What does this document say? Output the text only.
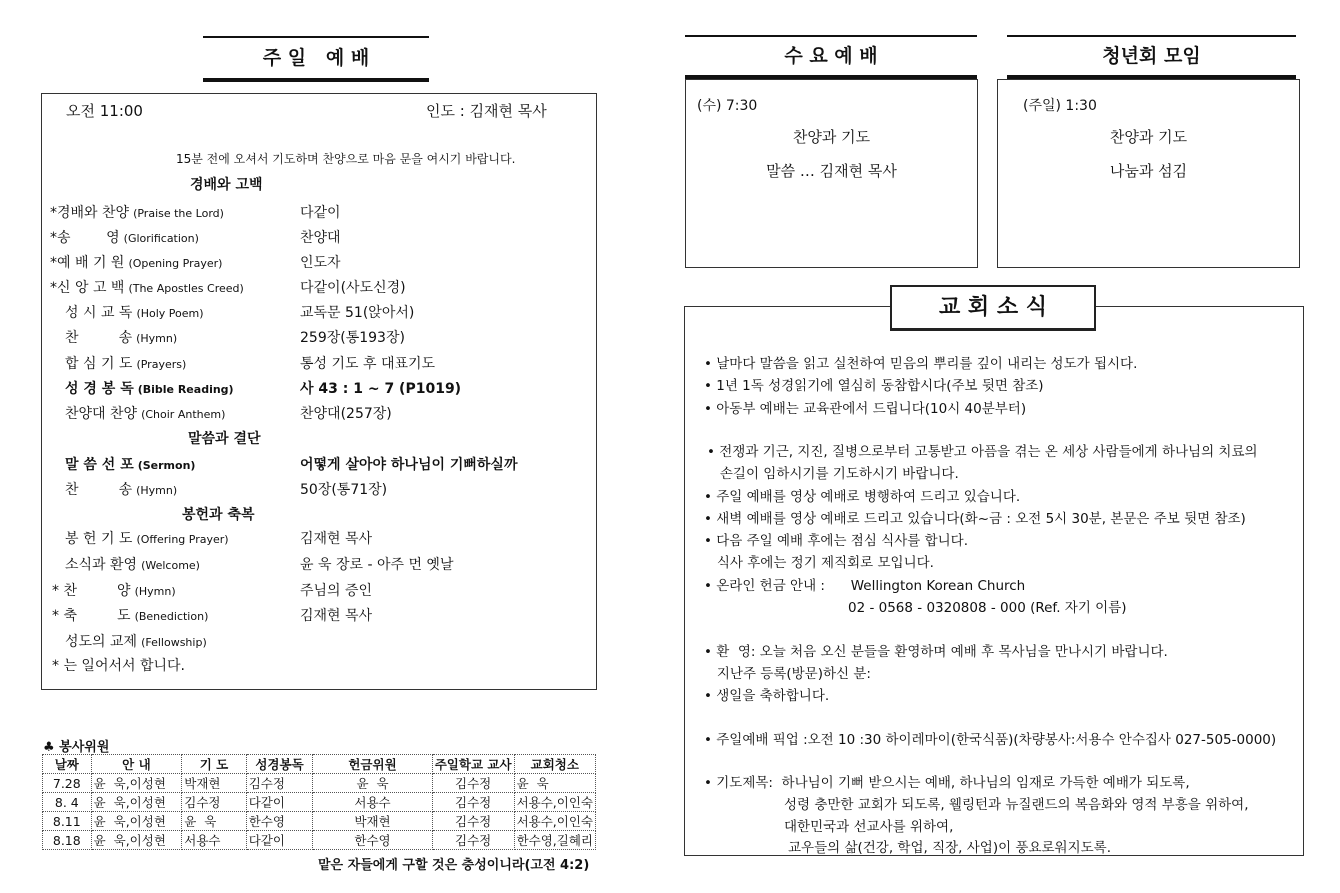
주 일   예 배
오전 11:00	인도 : 김재현 목사
15분 전에 오셔서 기도하며 찬양으로 마음 문을 여시기 바랍니다.
경배와 고백
말씀과 결단
봉헌과 축복
* 는 일어서서 합니다.
*경배와 찬양 (Praise the Lord)	다같이
*송        영 (Glorification)	찬양대
*예 배 기 원 (Opening Prayer)	인도자
*신 앙 고 백 (The Apostles Creed)	다같이(사도신경)
성 시 교 독 (Holy Poem)	교독문 51(앉아서)
찬         송 (Hymn)	259장(통193장)
합 심 기 도 (Prayers)	통성 기도 후 대표기도
성 경 봉 독 (Bible Reading)	사 43 : 1 ~ 7 (P1019)
찬양대 찬양 (Choir Anthem)	찬양대(257장)
말 씀 선 포 (Sermon)	어떻게 살아야 하나님이 기뻐하실까
찬         송 (Hymn)	50장(통71장)
봉 헌 기 도 (Offering Prayer)	김재현 목사
소식과 환영 (Welcome)	윤 욱 장로 - 아주 먼 옛날
* 찬         양 (Hymn)	주님의 증인
* 축         도 (Benediction)	김재현 목사
성도의 교제 (Fellowship)
♣ 봉사위원
날짜	안 내	기 도	성경봉독	헌금위원	주일학교 교사	교회청소
7.28	윤  욱,이성현	박재현	김수정	윤  욱	김수정	윤  욱
8. 4	윤  욱,이성현	김수정	다같이	서용수	김수정	서용수,이인숙
8.11	윤  욱,이성현	윤  욱	한수영	박재현	김수정	서용수,이인숙
8.18	윤  욱,이성현	서용수	다같이	한수영	김수정	한수영,길혜리
맡은 자들에게 구할 것은 충성이니라(고전 4:2)
수 요 예 배
(수) 7:30
찬양과 기도
말씀 … 김재현 목사
청년회 모임
(주일) 1:30
찬양과 기도
나눔과 섬김
교 회 소 식
• 날마다 말씀을 읽고 실천하여 믿음의 뿌리를 깊이 내리는 성도가 됩시다.
• 1년 1독 성경읽기에 열심히 동참합시다(주보 뒷면 참조)
• 아동부 예배는 교육관에서 드립니다(10시 40분부터)
• 전쟁과 기근, 지진, 질병으로부터 고통받고 아픔을 겪는 온 세상 사람들에게 하나님의 치료의
손길이 임하시기를 기도하시기 바랍니다.
• 주일 예배를 영상 예배로 병행하여 드리고 있습니다.
• 새벽 예배를 영상 예배로 드리고 있습니다(화~금 : 오전 5시 30분, 본문은 주보 뒷면 참조)
• 다음 주일 예배 후에는 점심 식사를 합니다.
식사 후에는 정기 제직회로 모입니다.
• 온라인 헌금 안내 :      Wellington Korean Church
02 - 0568 - 0320808 - 000 (Ref. 자기 이름)
• 환  영: 오늘 처음 오신 분들을 환영하며 예배 후 목사님을 만나시기 바랍니다.
지난주 등록(방문)하신 분:
• 생일을 축하합니다.
• 주일예배 픽업 :오전 10 :30 하이레마이(한국식품)(차량봉사:서용수 안수집사 027-505-0000)
• 기도제목:  하나님이 기뻐 받으시는 예배, 하나님의 임재로 가득한 예배가 되도록,
성령 충만한 교회가 되도록, 웰링턴과 뉴질랜드의 복음화와 영적 부흥을 위하여,
대한민국과 선교사를 위하여,
교우들의 삶(건강, 학업, 직장, 사업)이 풍요로워지도록.
